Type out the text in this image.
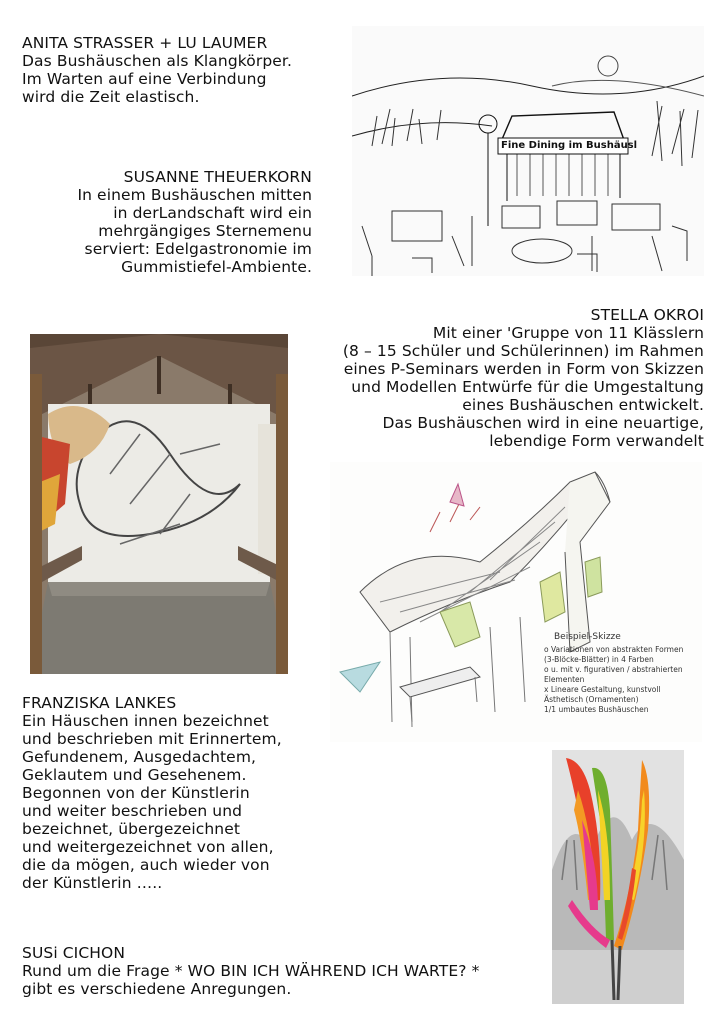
ANITA STRASSER + LU LAUMER
Das Bushäuschen als Klangkörper.
Im Warten auf eine Verbindung
wird die Zeit elastisch.
SUSANNE THEUERKORN
In einem Bushäuschen mitten
in derLandschaft wird ein
mehrgängiges Sternemenu
serviert: Edelgastronomie im
Gummistiefel-Ambiente.
STELLA OKROI
Mit einer 'Gruppe von 11 Klässlern
(8 – 15 Schüler und Schülerinnen) im Rahmen
eines P-Seminars werden in Form von Skizzen
und Modellen Entwürfe für die Umgestaltung
eines Bushäuschen entwickelt.
Das Bushäuschen wird in eine neuartige,
lebendige Form verwandelt
FRANZISKA LANKES
Ein Häuschen innen bezeichnet
und beschrieben mit Erinnertem,
Gefundenem, Ausgedachtem,
Geklautem und Gesehenem.
Begonnen von der Künstlerin
und weiter beschrieben und
bezeichnet, übergezeichnet
und weitergezeichnet von allen,
die da mögen, auch wieder von
der Künstlerin …..
SUSi CICHON
Rund um die Frage * WO BIN ICH WÄHREND ICH WARTE? *
gibt es verschiedene Anregungen.
Fine Dining im Bushäusl
Beispiel-Skizze
o Variationen von abstrakten Formen (3-Blöcke-Blätter) in 4 Farben
o u. mit v. figurativen / abstrahierten Elementen
x Lineare Gestaltung, kunstvoll Ästhetisch (Ornamenten)
1/1 umbautes Bushäuschen
